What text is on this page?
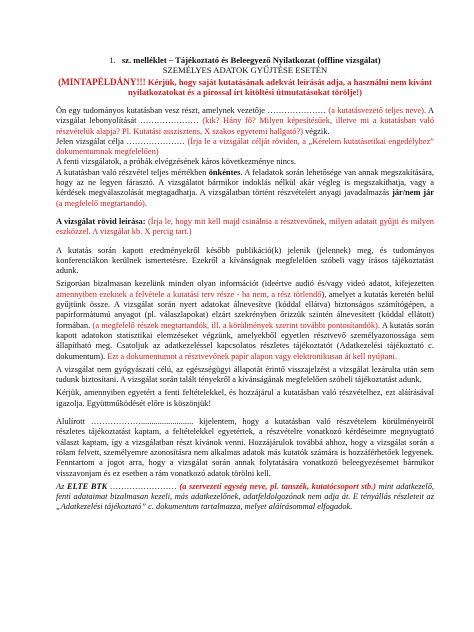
1. sz. melléklet – Tájékoztató és Beleegyező Nyilatkozat (offline vizsgálat)
SZEMÉLYES ADATOK GYŰJTÉSE ESETÉN
(MINTAPÉLDÁNY!!! Kérjük, hogy saját kutatásának adekvát leírását adja, a használni nem kívánt nyilatkozatokat és a pirossal írt kitöltési útmutatásokat törölje!)

Ön egy tudományos kutatásban vesz részt, amelynek vezetője ………………… (a kutatásvezető teljes neve). A vizsgálat lebonyolítását ………………… (kik? Hány fő? Milyen képesítésűek, illetve mi a kutatásban való részvételük alapja? Pl. Kutatási asszisztens, X szakos egyetemi hallgató?) végzik.

Jelen vizsgálat célja ………………… (Írja le a vizsgálat célját röviden, a „Kérelem kutatásetikai engedélyhez” dokumentumnak megfelelően)

A fenti vizsgálatok, a próbák elvégzésének káros következménye nincs.

A kutatásban való részvétel teljes mértékben önkéntes. A feladatok során lehetősége van annak megszakítására, hogy az ne legyen fárasztó. A vizsgálatot bármikor indoklás nélkül akár végleg is megszakíthatja, vagy a kérdések megválaszolását megtagadhatja. A vizsgálatban történt részvételért anyagi javadalmazás jár/nem jár (a megfelelő megtartandó).

A vizsgálat rövid leírása: (Írja le, hogy mit kell majd csinálnia a résztvevőnek, milyen adatait gyűjti és milyen eszközzel. A vizsgálat kb. X percig tart.)

A kutatás során kapott eredményekről később publikáció(k) jelenik (jelennek) meg, és tudományos konferenciákon kerülnek ismertetésre. Ezekről a kívánságnak megfelelően szóbeli vagy írásos tájékoztatást adunk.

Szigorúan bizalmasan kezelünk minden olyan információt (ideértve audió és/vagy videó adatot, kifejezetten amennyiben ezeknek a felvétele a kutatási terv része - ha nem, a rész törlendő), amelyet a kutatás keretén belül gyűjtünk össze. A vizsgálat során nyert adatokat álnevesítve (kóddal ellátva) biztonságos számítógépen, a papírformátumú anyagot (pl. válaszlapokat) elzárt szekrényben őrizzük szintén álnevesített (kóddal ellátott) formában. (a megfelelő részek megtartandók, ill. a körülmények szerint további pontosítandók). A kutatás során kapott adatokon statisztikai elemzéseket végzünk, amelyekből egyetlen résztvevő személyazonossága sem állapítható meg. Csatoljuk az adatkezeléssel kapcsolatos részletes tájékoztatót (Adatkezelési tájékoztató c. dokumentum). Ezt a dokumentumot a résztvevőnek papír alapon vagy elektronikusan át kell nyújtani.

A vizsgálat nem gyógyászati célú, az egészségügyi állapotát érintő visszajelzést a vizsgálat lezárulta után sem tudunk biztosítani. A vizsgálat során talált tényekről a kívánságának megfelelően szóbeli tájékoztatást adunk.

Kérjük, amennyiben egyetért a fenti feltételekkel, és hozzájárul a kutatásban való részvételhez, ezt aláírásával igazolja. Együttműködését előre is köszönjük!

Alulírott ………………......................... kijelentem, hogy a kutatásban való részvételem körülményeiről részletes tájékoztatást kaptam, a feltételekkel egyetértek, a részvételre vonatkozó kérdéseimre megnyugtató választ kaptam, így a vizsgálatban részt kívánok venni. Hozzájárulok továbbá ahhoz, hogy a vizsgálat során a rólam felvett, személyemre azonosításra nem alkalmas adatok más kutatók számára is hozzáférhetőek legyenek. Fenntartom a jogot arra, hogy a vizsgálat során annak folytatására vonatkozó beleegyezésemet bármikor visszavonjam és ez esetben a rám vonatkozó adatok törölni kell.

Az ELTE BTK …………………… (a szervezeti egység neve, pl. tanszék, kutatócsoport stb.) mint adatkezelő, fenti adataimat bizalmasan kezeli, más adatkezelőnek, adatfeldolgozónak nem adja át. E tényállás részleteit az „Adatkezelési tájékoztató” c. dokumentum tartalmazza, melyet aláírásommal elfogadok.
